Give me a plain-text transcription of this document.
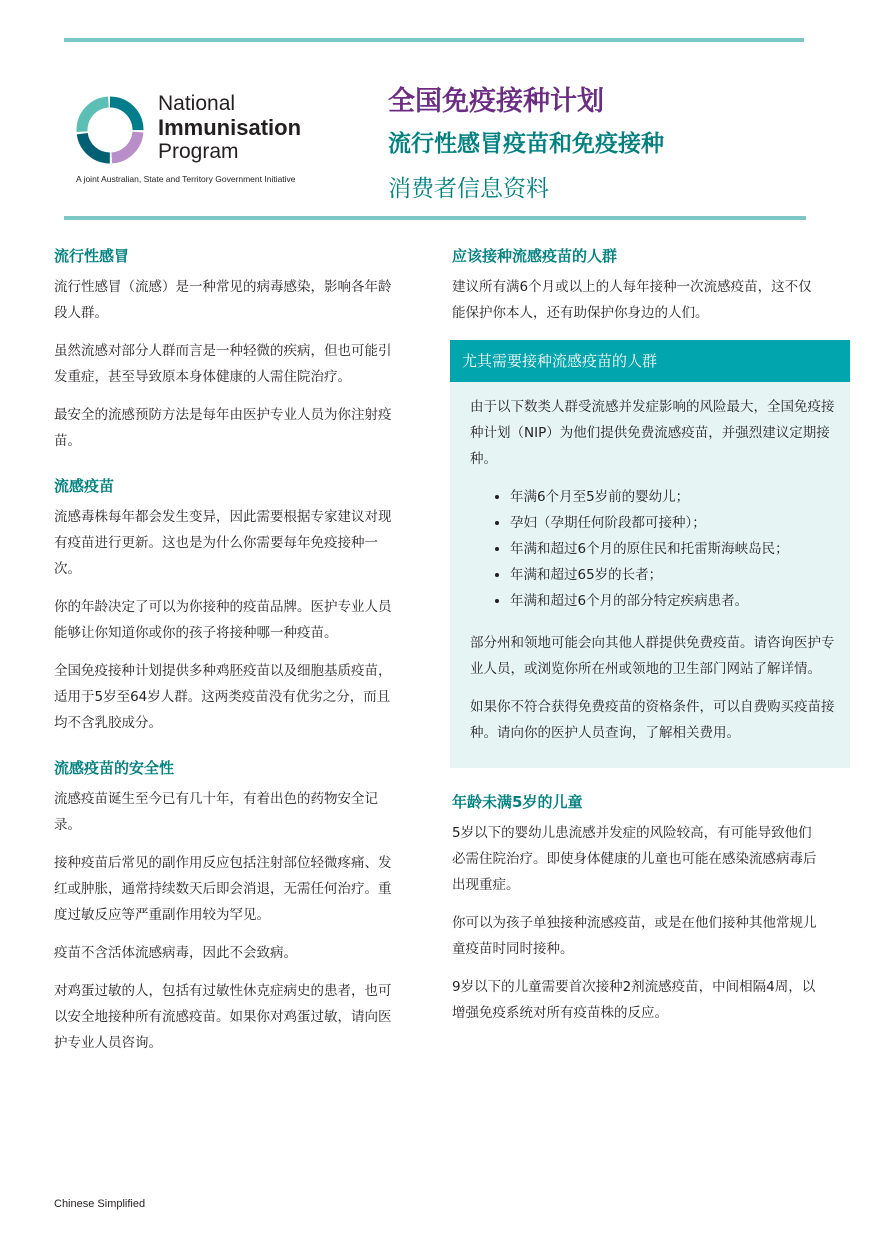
National
Immunisation
Program
A joint Australian, State and Territory Government Initiative
全国免疫接种计划
流行性感冒疫苗和免疫接种
消费者信息资料
流行性感冒

流行性感冒（流感）是一种常见的病毒感染，影响各年龄段人群。

虽然流感对部分人群而言是一种轻微的疾病，但也可能引发重症，甚至导致原本身体健康的人需住院治疗。

最安全的流感预防方法是每年由医护专业人员为你注射疫苗。

流感疫苗

流感毒株每年都会发生变异，因此需要根据专家建议对现有疫苗进行更新。这也是为什么你需要每年免疫接种一次。

你的年龄决定了可以为你接种的疫苗品牌。医护专业人员能够让你知道你或你的孩子将接种哪一种疫苗。

全国免疫接种计划提供多种鸡胚疫苗以及细胞基质疫苗，适用于5岁至64岁人群。这两类疫苗没有优劣之分，而且均不含乳胶成分。

流感疫苗的安全性

流感疫苗诞生至今已有几十年，有着出色的药物安全记录。

接种疫苗后常见的副作用反应包括注射部位轻微疼痛、发红或肿胀，通常持续数天后即会消退，无需任何治疗。重度过敏反应等严重副作用较为罕见。

疫苗不含活体流感病毒，因此不会致病。

对鸡蛋过敏的人，包括有过敏性休克症病史的患者，也可以安全地接种所有流感疫苗。如果你对鸡蛋过敏，请向医护专业人员咨询。

应该接种流感疫苗的人群

建议所有满6个月或以上的人每年接种一次流感疫苗，这不仅能保护你本人，还有助保护你身边的人们。

尤其需要接种流感疫苗的人群

由于以下数类人群受流感并发症影响的风险最大，全国免疫接种计划（NIP）为他们提供免费流感疫苗，并强烈建议定期接种。

• 年满6个月至5岁前的婴幼儿；
• 孕妇（孕期任何阶段都可接种）；
• 年满和超过6个月的原住民和托雷斯海峡岛民；
• 年满和超过65岁的长者；
• 年满和超过6个月的部分特定疾病患者。

部分州和领地可能会向其他人群提供免费疫苗。请咨询医护专业人员，或浏览你所在州或领地的卫生部门网站了解详情。

如果你不符合获得免费疫苗的资格条件，可以自费购买疫苗接种。请向你的医护人员查询，了解相关费用。

年龄未满5岁的儿童

5岁以下的婴幼儿患流感并发症的风险较高，有可能导致他们必需住院治疗。即使身体健康的儿童也可能在感染流感病毒后出现重症。

你可以为孩子单独接种流感疫苗，或是在他们接种其他常规儿童疫苗时同时接种。

9岁以下的儿童需要首次接种2剂流感疫苗，中间相隔4周，以增强免疫系统对所有疫苗株的反应。

Chinese Simplified
